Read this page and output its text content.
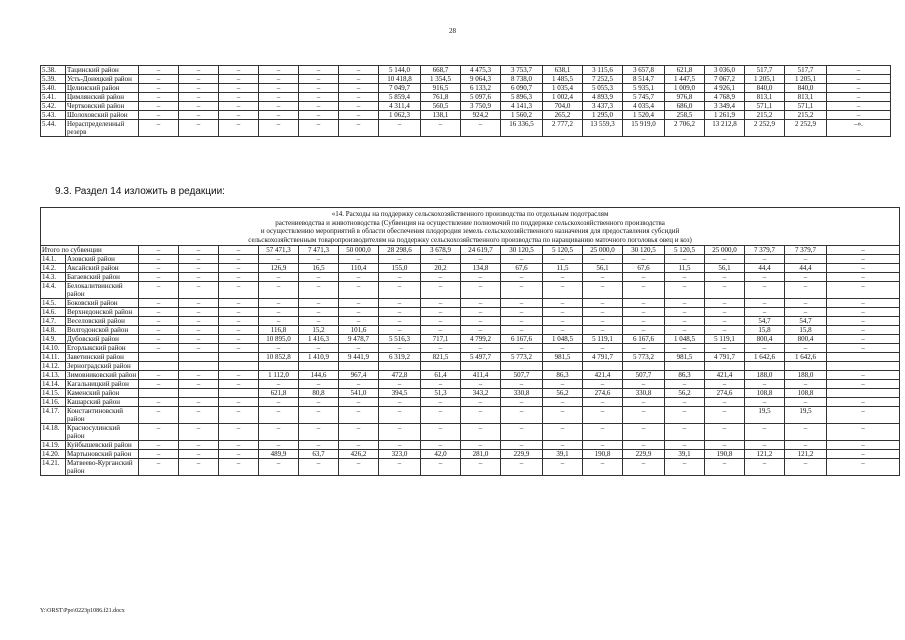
28
5.38.	Тацинский район	–	–	–	–	–	–	5 144,0	668,7	4 475,3	3 753,7	638,1	3 115,6	3 657,8	621,8	3 036,0	517,7	517,7	–
5.39.	Усть-Донецкий район	–	–	–	–	–	–	10 418,8	1 354,5	9 064,3	8 738,0	1 485,5	7 252,5	8 514,7	1 447,5	7 067,2	1 205,1	1 205,1	–
5.40.	Целинский район	–	–	–	–	–	–	7 049,7	916,5	6 133,2	6 090,7	1 035,4	5 055,3	5 935,1	1 009,0	4 926,1	840,0	840,0	–
5.41.	Цимлянский район	–	–	–	–	–	–	5 859,4	761,8	5 097,6	5 896,3	1 002,4	4 893,9	5 745,7	976,8	4 768,9	813,1	813,1	–
5.42.	Чертковский район	–	–	–	–	–	–	4 311,4	560,5	3 750,9	4 141,3	704,0	3 437,3	4 035,4	686,0	3 349,4	571,1	571,1	–
5.43.	Шолоховский район	–	–	–	–	–	–	1 062,3	138,1	924,2	1 560,2	265,2	1 295,0	1 520,4	258,5	1 261,9	215,2	215,2	–
5.44.	Нераспределенный резерв	–	–	–	–	–	–	–	–	–	16 336,5	2 777,2	13 559,3	15 919,0	2 706,2	13 212,8	2 252,9	2 252,9	–».
9.3. Раздел 14 изложить в редакции:
«14. Расходы на поддержку сельскохозяйственного производства по отдельным подотраслям
растениеводства и животноводства (Субвенция на осуществление полномочий по поддержке сельскохозяйственного производства
и осуществлению мероприятий в области обеспечения плодородия земель сельскохозяйственного назначения для предоставления субсидий
сельскохозяйственным товаропроизводителям на поддержку сельскохозяйственного производства по наращиванию маточного поголовья овец и коз)																			

Итого по субвенции		–	–	–	57 471,3	7 471,3	50 000,0	28 298,6	3 678,9	24 619,7	30 120,5	5 120,5	25 000,0	30 120,5	5 120,5	25 000,0	7 379,7	7 379,7	–
14.1.	Азовский район	–	–	–	–	–	–	–	–	–	–	–	–	–	–	–	–	–	–
14.2.	Аксайский район	–	–	–	126,9	16,5	110,4	155,0	20,2	134,8	67,6	11,5	56,1	67,6	11,5	56,1	44,4	44,4	–
14.3.	Багаевский район	–	–	–	–	–	–	–	–	–	–	–	–	–	–	–	–	–	–
14.4.	Белокалитвинский район	–	–	–	–	–	–	–	–	–	–	–	–	–	–	–	–	–	–
14.5.	Боковский район	–	–	–	–	–	–	–	–	–	–	–	–	–	–	–	–	–	–
14.6.	Верхнедонской район	–	–	–	–	–	–	–	–	–	–	–	–	–	–	–	–	–	–
14.7.	Веселовский район	–	–	–	–	–	–	–	–	–	–	–	–	–	–	–	54,7	54,7	–
14.8.	Волгодонской район	–	–	–	116,8	15,2	101,6	–	–	–	–	–	–	–	–	–	15,8	15,8	–
14.9.	Дубовский район	–	–	–	10 895,0	1 416,3	9 478,7	5 516,3	717,1	4 799,2	6 167,6	1 048,5	5 119,1	6 167,6	1 048,5	5 119,1	800,4	800,4	–
14.10.	Егорлыкский район	–	–	–	–	–	–	–	–	–	–	–	–	–	–	–	–	–	–
14.11.	Заветинский район				10 852,8	1 410,9	9 441,9	6 319,2	821,5	5 497,7	5 773,2	981,5	4 791,7	5 773,2	981,5	4 791,7	1 642,6	1 642,6	
14.12.	Зерноградский район																		
14.13.	Зимовниковский район	–	–	–	1 112,0	144,6	967,4	472,8	61,4	411,4	507,7	86,3	421,4	507,7	86,3	421,4	188,0	188,0	–
14.14.	Кагальницкий район	–	–	–	–	–	–	–	–	–	–	–	–	–	–	–	–	–	–
14.15.	Каменский район				621,8	80,8	541,0	394,5	51,3	343,2	330,8	56,2	274,6	330,8	56,2	274,6	108,8	108,8	
14.16.	Кашарский район	–	–	–	–	–	–	–	–	–	–	–	–	–	–	–	–	–	–
14.17.	Константиновский район	–	–	–	–	–	–	–	–	–	–	–	–	–	–	–	19,5	19,5	–
14.18.	Красносулинский район	–	–	–	–	–	–	–	–	–	–	–	–	–	–	–	–	–	–
14.19.	Куйбышевский район	–	–	–	–	–	–	–	–	–	–	–	–	–	–	–	–	–	–
14.20.	Мартыновский район	–	–	–	489,9	63,7	426,2	323,0	42,0	281,0	229,9	39,1	190,8	229,9	39,1	190,8	121,2	121,2	–
14.21.	Матвеево-Курганский район	–	–	–	–	–	–	–	–	–	–	–	–	–	–	–	–	–	–
Y:\ORST\Ppo\0223p1086.f21.docx
